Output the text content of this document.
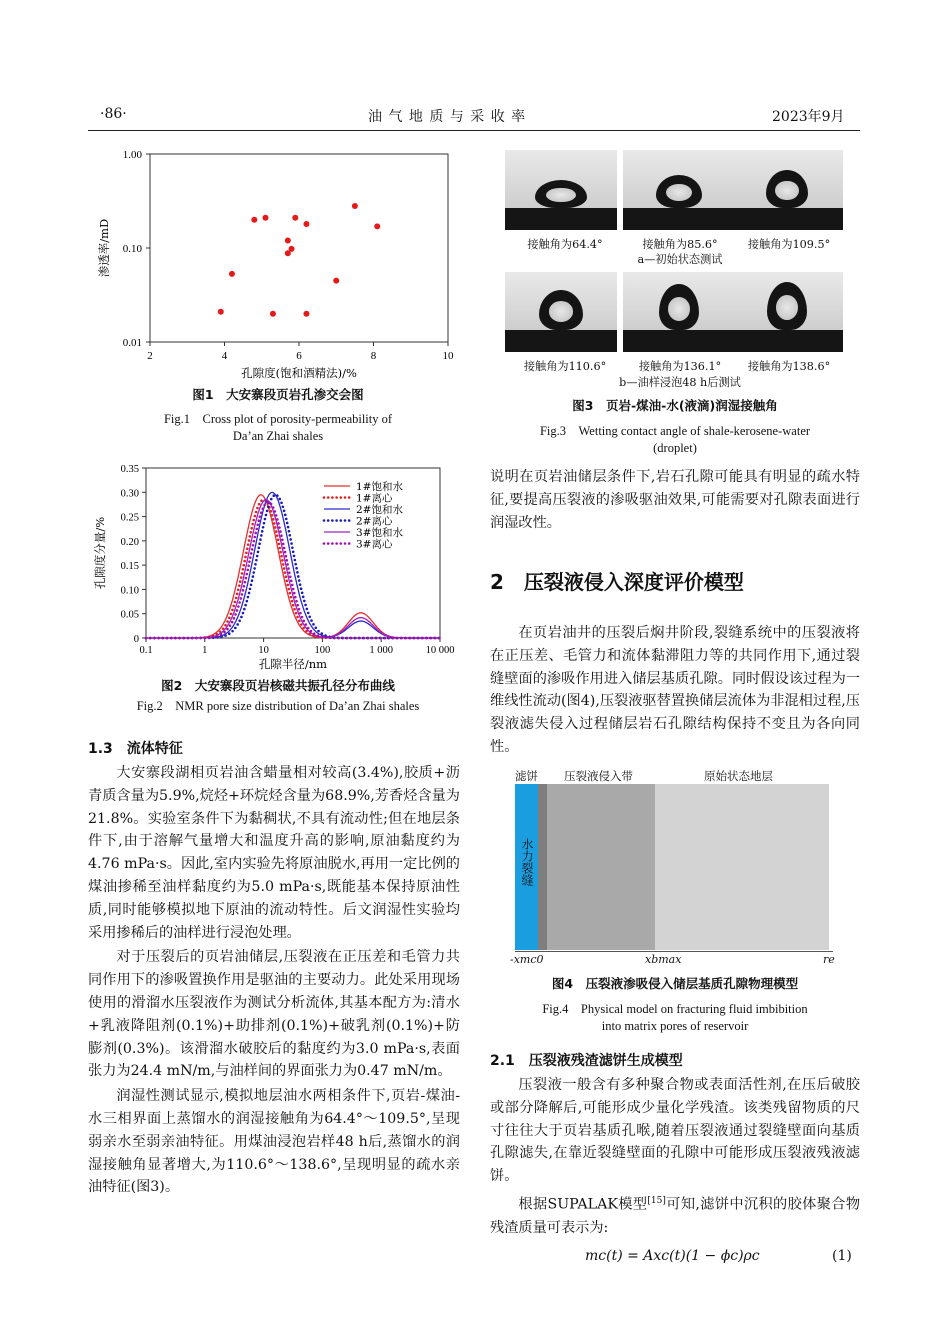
·86·	油 气 地 质 与 采 收 率	2023年9月
2	4	6	8	10
0.01
0.10
1.00
孔隙度(饱和酒精法)/%
渗透率/mD
图1　大安寨段页岩孔渗交会图
Fig.1　Cross plot of porosity-permeability of
Da’an Zhai shales
0.1	1	10	100	1 000	10 000
0
0.05
0.10
0.15
0.20
0.25
0.30
0.35
孔隙半径/nm
孔隙度分量/%
1#饱和水
1#离心
2#饱和水
2#离心
3#饱和水
3#离心
图2　大安寨段页岩核磁共振孔径分布曲线
Fig.2　NMR pore size distribution of Da’an Zhai shales
1.3　流体特征

大安寨段湖相页岩油含蜡量相对较高(3.4%),胶质+沥青质含量为5.9%,烷烃+环烷烃含量为68.9%,芳香烃含量为21.8%。实验室条件下为黏稠状,不具有流动性;但在地层条件下,由于溶解气量增大和温度升高的影响,原油黏度约为4.76 mPa·s。因此,室内实验先将原油脱水,再用一定比例的煤油掺稀至油样黏度约为5.0 mPa·s,既能基本保持原油性质,同时能够模拟地下原油的流动特性。后文润湿性实验均采用掺稀后的油样进行浸泡处理。

对于压裂后的页岩油储层,压裂液在正压差和毛管力共同作用下的渗吸置换作用是驱油的主要动力。此处采用现场使用的滑溜水压裂液作为测试分析流体,其基本配方为:清水+乳液降阻剂(0.1%)+助排剂(0.1%)+破乳剂(0.1%)+防膨剂(0.3%)。该滑溜水破胶后的黏度约为3.0 mPa·s,表面张力为24.4 mN/m,与油样间的界面张力为0.47 mN/m。

润湿性测试显示,模拟地层油水两相条件下,页岩-煤油-水三相界面上蒸馏水的润湿接触角为64.4°～109.5°,呈现弱亲水至弱亲油特征。用煤油浸泡岩样48 h后,蒸馏水的润湿接触角显著增大,为110.6°～138.6°,呈现明显的疏水亲油特征(图3)。

接触角为64.4°	接触角为85.6°	接触角为109.5°
a—初始状态测试
接触角为110.6°	接触角为136.1°	接触角为138.6°
b—油样浸泡48 h后测试
图3　页岩-煤油-水(液滴)润湿接触角
Fig.3　Wetting contact angle of shale-kerosene-water
(droplet)

说明在页岩油储层条件下,岩石孔隙可能具有明显的疏水特征,要提高压裂液的渗吸驱油效果,可能需要对孔隙表面进行润湿改性。

2　压裂液侵入深度评价模型

在页岩油井的压裂后焖井阶段,裂缝系统中的压裂液将在正压差、毛管力和流体黏滞阻力等的共同作用下,通过裂缝壁面的渗吸作用进入储层基质孔隙。同时假设该过程为一维线性流动(图4),压裂液驱替置换储层流体为非混相过程,压裂液滤失侵入过程储层岩石孔隙结构保持不变且为各向同性。

滤饼 压裂液侵入带	原始状态地层
水力裂缝
-xmc0	xbmax	re
图4　压裂液渗吸侵入储层基质孔隙物理模型
Fig.4　Physical model on fracturing fluid imbibition
into matrix pores of reservoir
2.1　压裂液残渣滤饼生成模型

压裂液一般含有多种聚合物或表面活性剂,在压后破胶或部分降解后,可能形成少量化学残渣。该类残留物质的尺寸往往大于页岩基质孔喉,随着压裂液通过裂缝壁面向基质孔隙滤失,在靠近裂缝壁面的孔隙中可能形成压裂液残液滤饼。

根据SUPALAK模型[15]可知,滤饼中沉积的胶体聚合物残渣质量可表示为:

mc(t) = Axc(t)(1 − ϕc)ρc	(1)
